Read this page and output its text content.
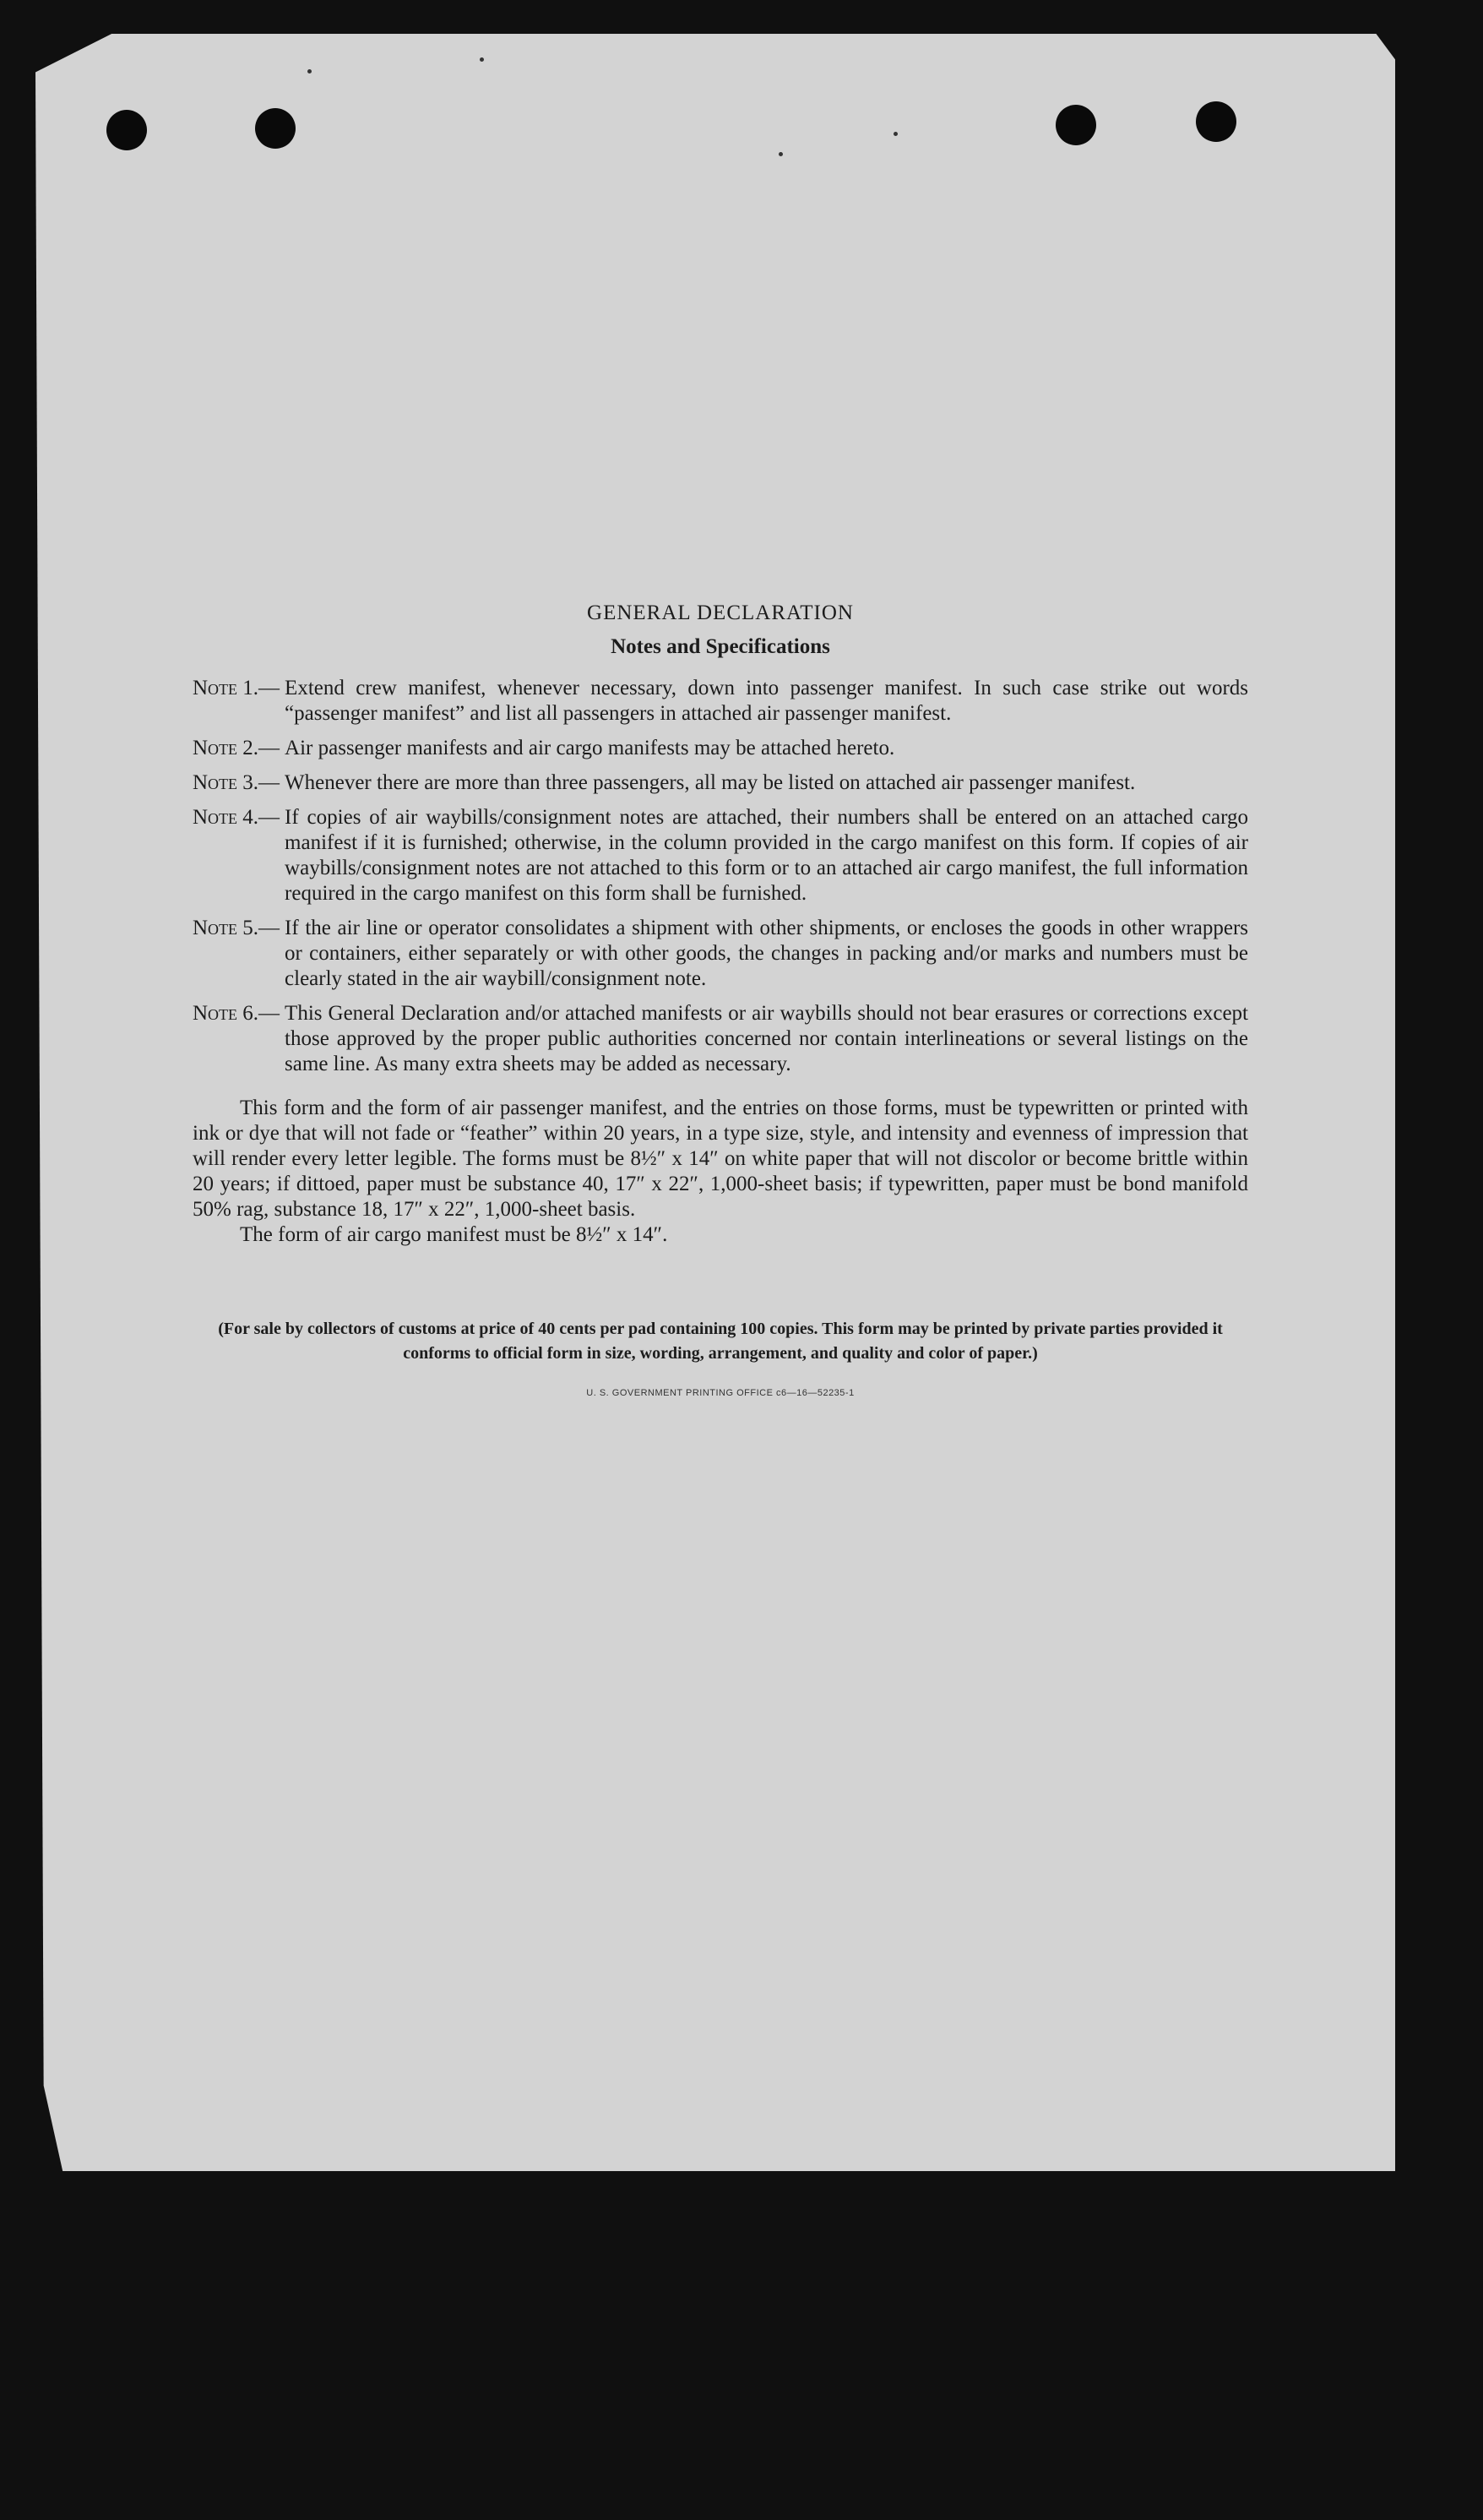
GENERAL DECLARATION

Notes and Specifications

Note 1.— Extend crew manifest, whenever necessary, down into passenger manifest. In such case strike out words “passenger manifest” and list all passengers in attached air passenger manifest.
Note 2.— Air passenger manifests and air cargo manifests may be attached hereto.
Note 3.— Whenever there are more than three passengers, all may be listed on attached air passenger manifest.
Note 4.— If copies of air waybills/consignment notes are attached, their numbers shall be entered on an attached cargo manifest if it is furnished; otherwise, in the column provided in the cargo manifest on this form. If copies of air waybills/consignment notes are not attached to this form or to an attached air cargo manifest, the full information required in the cargo manifest on this form shall be furnished.
Note 5.— If the air line or operator consolidates a shipment with other shipments, or encloses the goods in other wrappers or containers, either separately or with other goods, the changes in packing and/or marks and numbers must be clearly stated in the air waybill/consignment note.
Note 6.— This General Declaration and/or attached manifests or air waybills should not bear erasures or corrections except those approved by the proper public authorities concerned nor contain interlineations or several listings on the same line. As many extra sheets may be added as necessary.

This form and the form of air passenger manifest, and the entries on those forms, must be typewritten or printed with ink or dye that will not fade or “feather” within 20 years, in a type size, style, and intensity and evenness of impression that will render every letter legible. The forms must be 8½″ x 14″ on white paper that will not discolor or become brittle within 20 years; if dittoed, paper must be substance 40, 17″ x 22″, 1,000-sheet basis; if typewritten, paper must be bond manifold 50% rag, substance 18, 17″ x 22″, 1,000-sheet basis.

The form of air cargo manifest must be 8½″ x 14″.

(For sale by collectors of customs at price of 40 cents per pad containing 100 copies. This form may be printed by private parties provided it conforms to official form in size, wording, arrangement, and quality and color of paper.)

U. S. GOVERNMENT PRINTING OFFICE c6—16—52235-1
